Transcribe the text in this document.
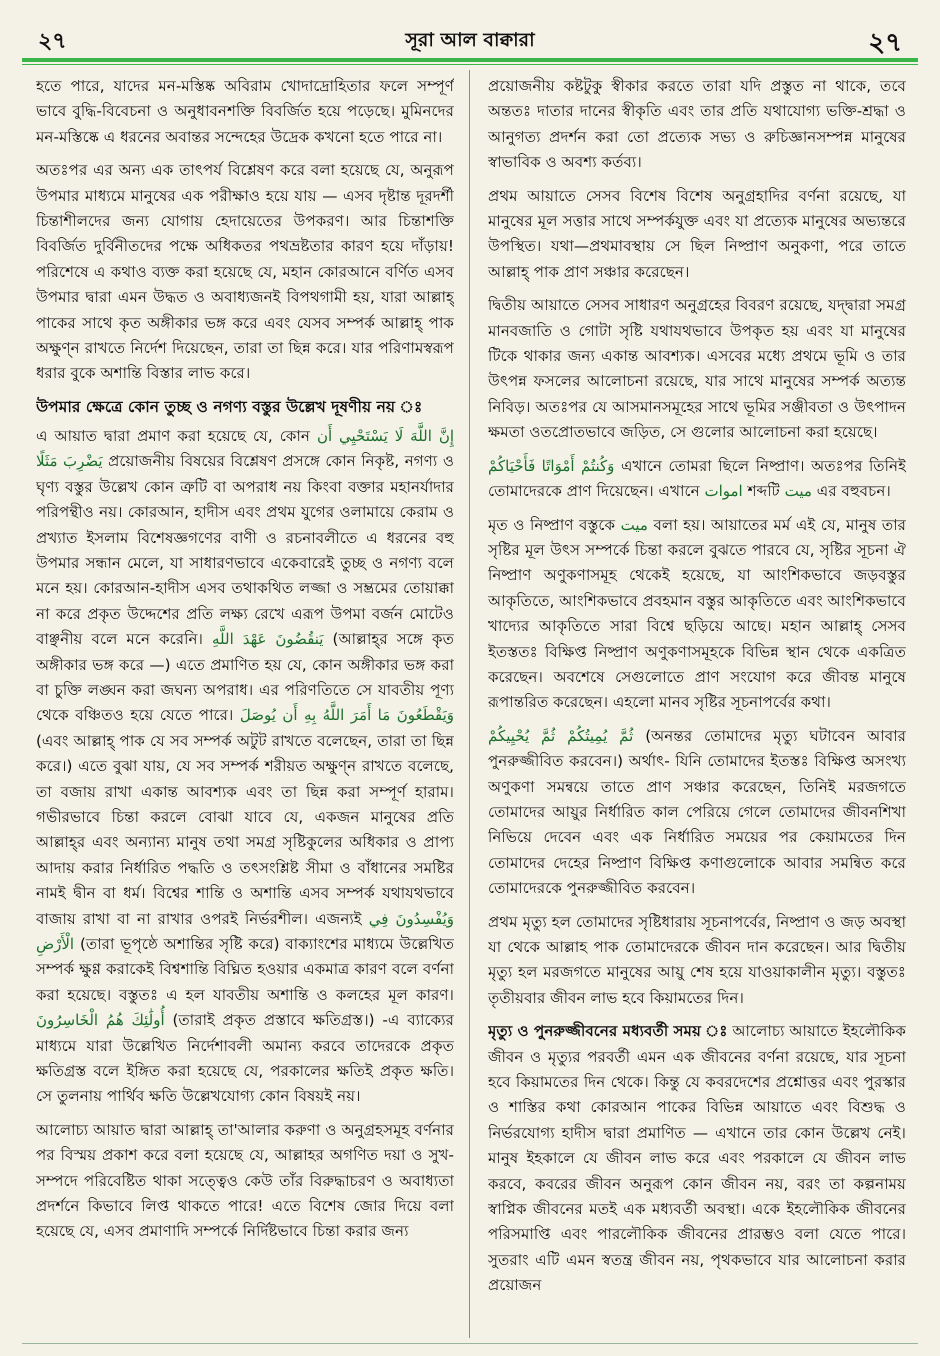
২৭	সূরা আল বাক্বারা	২৭

হতে পারে, যাদের মন-মস্তিষ্ক অবিরাম খোদাদ্রোহিতার ফলে সম্পূর্ণ ভাবে বুদ্ধি-বিবেচনা ও অনুধাবনশক্তি বিবর্জিত হয়ে পড়েছে। মুমিনদের মন-মস্তিষ্কে এ ধরনের অবান্তর সন্দেহের উদ্রেক কখনো হতে পারে না।

অতঃপর এর অন্য এক তাৎপর্য বিশ্লেষণ করে বলা হয়েছে যে, অনুরূপ উপমার মাধ্যমে মানুষের এক পরীক্ষাও হয়ে যায় — এসব দৃষ্টান্ত দূরদর্শী চিন্তাশীলদের জন্য যোগায় হেদায়েতের উপকরণ। আর চিন্তাশক্তি বিবর্জিত দুর্বিনীতদের পক্ষে অধিকতর পথভ্রষ্টতার কারণ হয়ে দাঁড়ায়! পরিশেষে এ কথাও ব্যক্ত করা হয়েছে যে, মহান কোরআনে বর্ণিত এসব উপমার দ্বারা এমন উদ্ধত ও অবাধ্যজনই বিপথগামী হয়, যারা আল্লাহ্ পাকের সাথে কৃত অঙ্গীকার ভঙ্গ করে এবং যেসব সম্পর্ক আল্লাহ্ পাক অক্ষুণ্ন রাখতে নির্দেশ দিয়েছেন, তারা তা ছিন্ন করে। যার পরিণামস্বরূপ ধরার বুকে অশান্তি বিস্তার লাভ করে।

উপমার ক্ষেত্রে কোন তুচ্ছ ও নগণ্য বস্তুর উল্লেখ দূষণীয় নয় ঃ

এ আয়াত দ্বারা প্রমাণ করা হয়েছে যে, কোন إِنَّ اللَّهَ لَا يَسْتَحْيِي أَن يَضْرِبَ مَثَلًا প্রয়োজনীয় বিষয়ের বিশ্লেষণ প্রসঙ্গে কোন নিকৃষ্ট, নগণ্য ও ঘৃণ্য বস্তুর উল্লেখ কোন ত্রুটি বা অপরাধ নয় কিংবা বক্তার মহানর্যাদার পরিপন্থীও নয়। কোরআন, হাদীস এবং প্রথম যুগের ওলামায়ে কেরাম ও প্রখ্যাত ইসলাম বিশেষজ্ঞগণের বাণী ও রচনাবলীতে এ ধরনের বহু উপমার সন্ধান মেলে, যা সাধারণভাবে একেবারেই তুচ্ছ ও নগণ্য বলে মনে হয়। কোরআন-হাদীস এসব তথাকথিত লজ্জা ও সম্ভ্রমের তোয়াক্কা না করে প্রকৃত উদ্দেশের প্রতি লক্ষ্য রেখে এরূপ উপমা বর্জন মোটেও বাঞ্ছনীয় বলে মনে করেনি। يَنقُضُونَ عَهْدَ اللَّهِ (আল্লাহ্‌র সঙ্গে কৃত অঙ্গীকার ভঙ্গ করে —) এতে প্রমাণিত হয় যে, কোন অঙ্গীকার ভঙ্গ করা বা চুক্তি লঙ্ঘন করা জঘন্য অপরাধ। এর পরিণতিতে সে যাবতীয় পূণ্য থেকে বঞ্চিতও হয়ে যেতে পারে। وَيَقْطَعُونَ مَا أَمَرَ اللَّهُ بِهِ أَن يُوصَلَ (এবং আল্লাহ্ পাক যে সব সম্পর্ক অটুট রাখতে বলেছেন, তারা তা ছিন্ন করে।) এতে বুঝা যায়, যে সব সম্পর্ক শরীয়ত অক্ষুণ্ন রাখতে বলেছে, তা বজায় রাখা একান্ত আবশ্যক এবং তা ছিন্ন করা সম্পূর্ণ হারাম। গভীরভাবে চিন্তা করলে বোঝা যাবে যে, একজন মানুষের প্রতি আল্লাহ্‌র এবং অন্যান্য মানুষ তথা সমগ্র সৃষ্টিকুলের অধিকার ও প্রাপ্য আদায় করার নির্ধারিত পদ্ধতি ও তৎসংশ্লিষ্ট সীমা ও বাঁধানের সমষ্টির নামই দ্বীন বা ধর্ম। বিশ্বের শান্তি ও অশান্তি এসব সম্পর্ক যথাযথভাবে বাজায় রাখা বা না রাখার ওপরই নির্ভরশীল। এজন্যই وَيُفْسِدُونَ فِي الْأَرْضِ (তারা ভূপৃষ্ঠে অশান্তির সৃষ্টি করে) বাক্যাংশের মাধ্যমে উল্লেখিত সম্পর্ক ক্ষুণ্ণ করাকেই বিশ্বশান্তি বিঘ্নিত হওয়ার একমাত্র কারণ বলে বর্ণনা করা হয়েছে। বস্তুতঃ এ হল যাবতীয় অশান্তি ও কলহের মূল কারণ। أُولَٰئِكَ هُمُ الْخَاسِرُونَ (তারাই প্রকৃত প্রস্তাবে ক্ষতিগ্রস্ত।) -এ ব্যাক্যের মাধ্যমে যারা উল্লেখিত নির্দেশাবলী অমান্য করবে তাদেরকে প্রকৃত ক্ষতিগ্রস্ত বলে ইঙ্গিত করা হয়েছে যে, পরকালের ক্ষতিই প্রকৃত ক্ষতি। সে তুলনায় পার্থিব ক্ষতি উল্লেখযোগ্য কোন বিষয়ই নয়।

আলোচ্য আয়াত দ্বারা আল্লাহ্ তা'আলার করুণা ও অনুগ্রহসমূহ বর্ণনার পর বিস্ময় প্রকাশ করে বলা হয়েছে যে, আল্লাহর অগণিত দয়া ও সুখ-সম্পদে পরিবেষ্টিত থাকা সত্ত্বেও কেউ তাঁর বিরুদ্ধাচরণ ও অবাধ্যতা প্রদর্শনে কিভাবে লিপ্ত থাকতে পারে! এতে বিশেষ জোর দিয়ে বলা হয়েছে যে, এসব প্রমাণাদি সম্পর্কে নির্দিষ্টভাবে চিন্তা করার জন্য

প্রয়োজনীয় কষ্টটুকু স্বীকার করতে তারা যদি প্রস্তুত না থাকে, তবে অন্ততঃ দাতার দানের স্বীকৃতি এবং তার প্রতি যথাযোগ্য ভক্তি-শ্রদ্ধা ও আনুগত্য প্রদর্শন করা তো প্রত্যেক সভ্য ও রুচিজ্ঞানসম্পন্ন মানুষের স্বাভাবিক ও অবশ্য কর্তব্য।

প্রথম আয়াতে সেসব বিশেষ বিশেষ অনুগ্রহাদির বর্ণনা রয়েছে, যা মানুষের মূল সত্তার সাথে সম্পর্কযুক্ত এবং যা প্রত্যেক মানুষের অভ্যন্তরে উপস্থিত। যথা—প্রথমাবস্থায় সে ছিল নিষ্প্রাণ অনুকণা, পরে তাতে আল্লাহ্ পাক প্রাণ সঞ্চার করেছেন।

দ্বিতীয় আয়াতে সেসব সাধারণ অনুগ্রহের বিবরণ রয়েছে, যদ্দ্বারা সমগ্র মানবজাতি ও গোটা সৃষ্টি যথাযথভাবে উপকৃত হয় এবং যা মানুষের টিকে থাকার জন্য একান্ত আবশ্যক। এসবের মধ্যে প্রথমে ভূমি ও তার উৎপন্ন ফসলের আলোচনা রয়েছে, যার সাথে মানুষের সম্পর্ক অত্যন্ত নিবিড়। অতঃপর যে আসমানসমূহের সাথে ভূমির সঞ্জীবতা ও উৎপাদন ক্ষমতা ওতপ্রোতভাবে জড়িত, সে গুলোর আলোচনা করা হয়েছে।

وَكُنتُمْ أَمْوَاتًا فَأَحْيَاكُمْ এখানে তোমরা ছিলে নিষ্প্রাণ। অতঃপর তিনিই তোমাদেরকে প্রাণ দিয়েছেন। এখানে اموات শব্দটি ميت এর বহুবচন।

মৃত ও নিষ্প্রাণ বস্তুকে ميت বলা হয়। আয়াতের মর্ম এই যে, মানুষ তার সৃষ্টির মূল উৎস সম্পর্কে চিন্তা করলে বুঝতে পারবে যে, সৃষ্টির সূচনা ঐ নিষ্প্রাণ অণুকণাসমূহ থেকেই হয়েছে, যা আংশিকভাবে জড়বস্তুর আকৃতিতে, আংশিকভাবে প্রবহমান বস্তুর আকৃতিতে এবং আংশিকভাবে খাদ্যের আকৃতিতে সারা বিশ্বে ছড়িয়ে আছে। মহান আল্লাহ্ সেসব ইতস্ততঃ বিক্ষিপ্ত নিষ্প্রাণ অণুকণাসমূহকে বিভিন্ন স্থান থেকে একত্রিত করেছেন। অবশেষে সেগুলোতে প্রাণ সংযোগ করে জীবন্ত মানুষে রূপান্তরিত করেছেন। এহলো মানব সৃষ্টির সূচনাপর্বের কথা।

ثُمَّ يُمِيتُكُمْ ثُمَّ يُحْيِيكُمْ (অনন্তর তোমাদের মৃত্যু ঘটাবেন আবার পুনরুজ্জীবিত করবেন।) অর্থাৎ- যিনি তোমাদের ইতস্তঃ বিক্ষিপ্ত অসংখ্য অণুকণা সমন্বয়ে তাতে প্রাণ সঞ্চার করেছেন, তিনিই মরজগতে তোমাদের আয়ুর নির্ধারিত কাল পেরিয়ে গেলে তোমাদের জীবনশিখা নিভিয়ে দেবেন এবং এক নির্ধারিত সময়ের পর কেয়ামতের দিন তোমাদের দেহের নিষ্প্রাণ বিক্ষিপ্ত কণাগুলোকে আবার সমন্বিত করে তোমাদেরকে পুনরুজ্জীবিত করবেন।

প্রথম মৃত্যু হল তোমাদের সৃষ্টিধারায় সূচনাপর্বের, নিষ্প্রাণ ও জড় অবস্থা যা থেকে আল্লাহ পাক তোমাদেরকে জীবন দান করেছেন। আর দ্বিতীয় মৃত্যু হল মরজগতে মানুষের আয়ু শেষ হয়ে যাওয়াকালীন মৃত্যু। বস্তুতঃ তৃতীয়বার জীবন লাভ হবে কিয়ামতের দিন।

মৃত্যু ও পুনরুজ্জীবনের মধ্যবর্তী সময় ঃ আলোচ্য আয়াতে ইহলৌকিক জীবন ও মৃত্যুর পরবর্তী এমন এক জীবনের বর্ণনা রয়েছে, যার সূচনা হবে কিয়ামতের দিন থেকে। কিন্তু যে কবরদেশের প্রশ্নোত্তর এবং পুরস্কার ও শাস্তির কথা কোরআন পাকের বিভিন্ন আয়াতে এবং বিশুদ্ধ ও নির্ভরযোগ্য হাদীস দ্বারা প্রমাণিত — এখানে তার কোন উল্লেখ নেই। মানুষ ইহকালে যে জীবন লাভ করে এবং পরকালে যে জীবন লাভ করবে, কবরের জীবন অনুরূপ কোন জীবন নয়, বরং তা কল্পনাময় স্বাপ্নিক জীবনের মতই এক মধ্যবর্তী অবস্থা। একে ইহলৌকিক জীবনের পরিসমাপ্তি এবং পারলৌকিক জীবনের প্রারম্ভও বলা যেতে পারে। সুতরাং এটি এমন স্বতন্ত্র জীবন নয়, পৃথকভাবে যার আলোচনা করার প্রয়োজন
